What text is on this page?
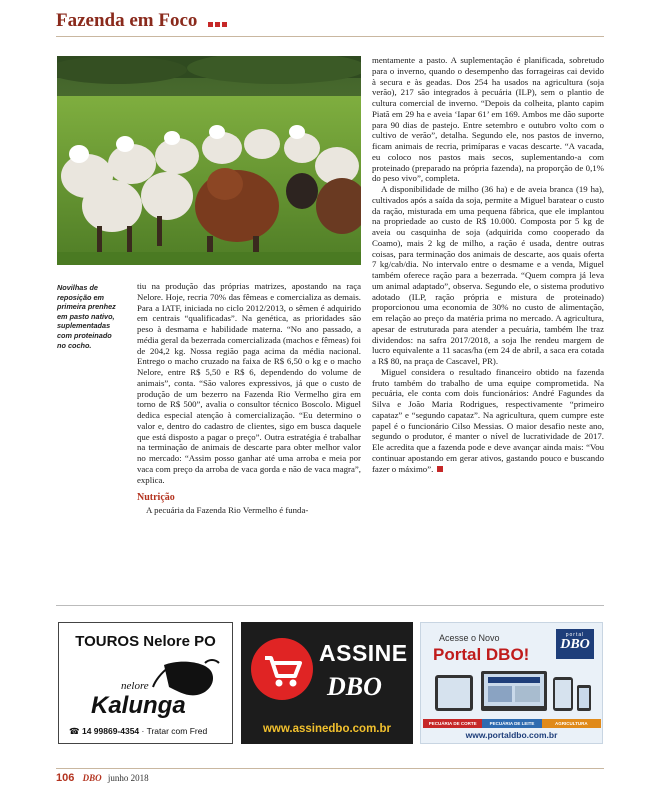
Fazenda em Foco
Novilhas de reposição em primeira prenhez em pasto nativo, suplementadas com proteinado no cocho.

tiu na produção das próprias matrizes, apostando na raça Nelore. Hoje, recria 70% das fêmeas e comercializa as demais. Para a IATF, iniciada no ciclo 2012/2013, o sêmen é adquirido em centrais “qualificadas”. Na genética, as prioridades são peso à desmama e habilidade materna. “No ano passado, a média geral da bezerrada comercializada (machos e fêmeas) foi de 204,2 kg. Nossa região paga acima da média nacional. Entrego o macho cruzado na faixa de R$ 6,50 o kg e o macho Nelore, entre R$ 5,50 e R$ 6, dependendo do volume de animais”, conta. “São valores expressivos, já que o custo de produção de um bezerro na Fazenda Rio Vermelho gira em torno de R$ 500”, avalia o consultor técnico Boscolo. Miguel dedica especial atenção à comercialização. “Eu determino o valor e, dentro do cadastro de clientes, sigo em busca daquele que está disposto a pagar o preço”. Outra estratégia é trabalhar na terminação de animais de descarte para obter melhor valor no mercado: “Assim posso ganhar até uma arroba e meia por vaca com preço da arroba de vaca gorda e não de vaca magra”, explica.

Nutrição

A pecuária da Fazenda Rio Vermelho é funda-

mentamente a pasto. A suplementação é planificada, sobretudo para o inverno, quando o desempenho das forrageiras cai devido à secura e às geadas. Dos 254 ha usados na agricultura (soja verão), 217 são integrados à pecuária (ILP), sem o plantio de cultura comercial de inverno. “Depois da colheita, planto capim Piatã em 29 ha e aveia ‘Iapar 61’ em 169. Ambos me dão suporte para 90 dias de pastejo. Entre setembro e outubro volto com o cultivo de verão”, detalha. Segundo ele, nos pastos de inverno, ficam animais de recria, primíparas e vacas descarte. “A vacada, eu coloco nos pastos mais secos, suplementando-a com proteinado (preparado na própria fazenda), na proporção de 0,1% do peso vivo”, completa.

A disponibilidade de milho (36 ha) e de aveia branca (19 ha), cultivados após a saída da soja, permite a Miguel baratear o custo da ração, misturada em uma pequena fábrica, que ele implantou na propriedade ao custo de R$ 10.000. Composta por 5 kg de aveia ou casquinha de soja (adquirida como cooperado da Coamo), mais 2 kg de milho, a ração é usada, dentre outras coisas, para terminação dos animais de descarte, aos quais oferta 7 kg/cab/dia. No intervalo entre o desmame e a venda, Miguel também oferece ração para a bezerrada. “Quem compra já leva um animal adaptado”, observa. Segundo ele, o sistema produtivo adotado (ILP, ração própria e mistura de proteinado) proporcionou uma economia de 30% no custo de alimentação, em relação ao preço da matéria prima no mercado. A agricultura, apesar de estruturada para atender a pecuária, também lhe traz dividendos: na safra 2017/2018, a soja lhe rendeu margem de lucro equivalente a 11 sacas/ha (em 24 de abril, a saca era cotada a R$ 80, na praça de Cascavel, PR).

Miguel considera o resultado financeiro obtido na fazenda fruto também do trabalho de uma equipe comprometida. Na pecuária, ele conta com dois funcionários: André Fagundes da Silva e João Maria Rodrigues, respectivamente “primeiro capataz” e “segundo capataz”. Na agricultura, quem cumpre este papel é o funcionário Cilso Messias. O maior desafio neste ano, segundo o produtor, é manter o nível de lucratividade de 2017. Ele acredita que a fazenda pode e deve avançar ainda mais: “Vou continuar apostando em gerar ativos, gastando pouco e buscando fazer o máximo”.

TOUROS Nelore PO
nelore
Kalunga
☎ 14 99869-4354 · Tratar com Fred
ASSINE
DBO
www.assinedbo.com.br
Acesse o Novo
Portal DBO!
portal
DBO
PECUÁRIA DE CORTE	PECUÁRIA DE LEITE	AGRICULTURA
www.portaldbo.com.br
106 DBO junho 2018
